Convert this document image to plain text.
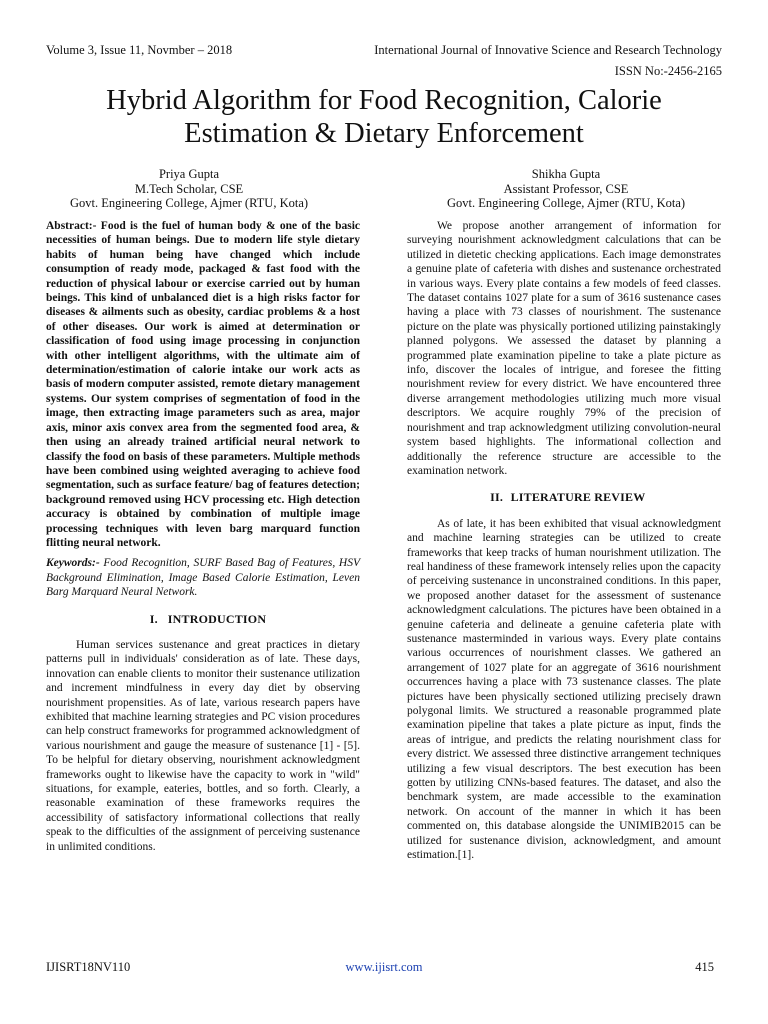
Volume 3, Issue 11, Novmber – 2018	International Journal of Innovative Science and Research Technology
ISSN No:-2456-2165
Hybrid Algorithm for Food Recognition, Calorie
Estimation & Dietary Enforcement
Priya Gupta
M.Tech Scholar, CSE
Govt. Engineering College, Ajmer (RTU, Kota)
Shikha Gupta
Assistant Professor, CSE
Govt. Engineering College, Ajmer (RTU, Kota)

Abstract:- Food is the fuel of human body & one of the basic necessities of human beings. Due to modern life style dietary habits of human being have changed which include consumption of ready mode, packaged & fast food with the reduction of physical labour or exercise carried out by human beings. This kind of unbalanced diet is a high risks factor for diseases & ailments such as obesity, cardiac problems & a host of other diseases. Our work is aimed at determination or classification of food using image processing in conjunction with other intelligent algorithms, with the ultimate aim of determination/estimation of calorie intake our work acts as basis of modern computer assisted, remote dietary management systems. Our system comprises of segmentation of food in the image, then extracting image parameters such as area, major axis, minor axis convex area from the segmented food area, & then using an already trained artificial neural network to classify the food on basis of these parameters. Multiple methods have been combined using weighted averaging to achieve food segmentation, such as surface feature/ bag of features detection; background removed using HCV processing etc. High detection accuracy is obtained by combination of multiple image processing techniques with leven barg marquard function flitting neural network.

Keywords:- Food Recognition, SURF Based Bag of Features, HSV Background Elimination, Image Based Calorie Estimation, Leven Barg Marquard Neural Network.

I. INTRODUCTION

Human services sustenance and great practices in dietary patterns pull in individuals' consideration as of late. These days, innovation can enable clients to monitor their sustenance utilization and increment mindfulness in every day diet by observing nourishment propensities. As of late, various research papers have exhibited that machine learning strategies and PC vision procedures can help construct frameworks for programmed acknowledgment of various nourishment and gauge the measure of sustenance [1] - [5]. To be helpful for dietary observing, nourishment acknowledgment frameworks ought to likewise have the capacity to work in "wild" situations, for example, eateries, bottles, and so forth. Clearly, a reasonable examination of these frameworks requires the accessibility of satisfactory informational collections that really speak to the difficulties of the assignment of perceiving sustenance in unlimited conditions.

We propose another arrangement of information for surveying nourishment acknowledgment calculations that can be utilized in dietetic checking applications. Each image demonstrates a genuine plate of cafeteria with dishes and sustenance orchestrated in various ways. Every plate contains a few models of feed classes. The dataset contains 1027 plate for a sum of 3616 sustenance cases having a place with 73 classes of nourishment. The sustenance picture on the plate was physically portioned utilizing painstakingly planned polygons. We assessed the dataset by planning a programmed plate examination pipeline to take a plate picture as info, discover the locales of intrigue, and foresee the fitting nourishment review for every district. We have encountered three diverse arrangement methodologies utilizing much more visual descriptors. We acquire roughly 79% of the precision of nourishment and trap acknowledgment utilizing convolution-neural system based highlights. The informational collection and additionally the reference structure are accessible to the examination network.

II. LITERATURE REVIEW

As of late, it has been exhibited that visual acknowledgment and machine learning strategies can be utilized to create frameworks that keep tracks of human nourishment utilization. The real handiness of these framework intensely relies upon the capacity of perceiving sustenance in unconstrained conditions. In this paper, we proposed another dataset for the assessment of sustenance acknowledgment calculations. The pictures have been obtained in a genuine cafeteria and delineate a genuine cafeteria plate with sustenance masterminded in various ways. Every plate contains various occurrences of nourishment classes. We gathered an arrangement of 1027 plate for an aggregate of 3616 nourishment occurrences having a place with 73 sustenance classes. The plate pictures have been physically sectioned utilizing precisely drawn polygonal limits. We structured a reasonable programmed plate examination pipeline that takes a plate picture as input, finds the areas of intrigue, and predicts the relating nourishment class for every district. We assessed three distinctive arrangement techniques utilizing a few visual descriptors. The best execution has been gotten by utilizing CNNs-based features. The dataset, and also the benchmark system, are made accessible to the examination network. On account of the manner in which it has been commented on, this database alongside the UNIMIB2015 can be utilized for sustenance division, acknowledgment, and amount estimation.[1].

IJISRT18NV110	www.ijisrt.com	415
